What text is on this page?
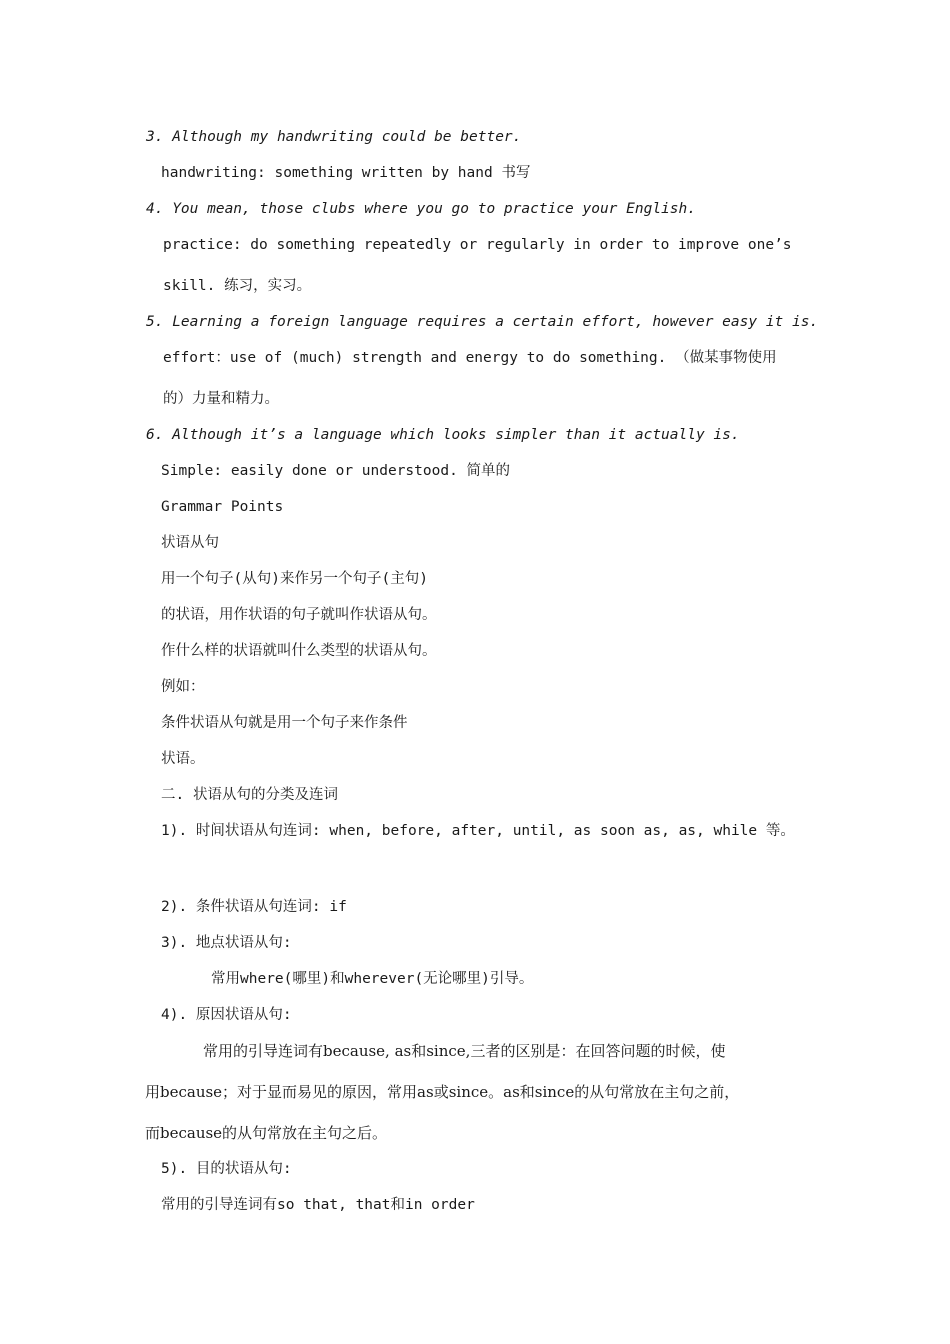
3. Although my handwriting could be better.
handwriting: something written by hand 书写
4. You mean, those clubs where you go to practice your English.
practice: do something repeatedly or regularly in order to improve one’s
skill. 练习，实习。
5. Learning a foreign language requires a certain effort, however easy it is.
effort：use of (much) strength and energy to do something. （做某事物使用
的）力量和精力。
6. Although it’s a language which looks simpler than it actually is.
Simple: easily done or understood. 简单的
Grammar Points
状语从句
用一个句子(从句)来作另一个句子(主句)
的状语，用作状语的句子就叫作状语从句。
作什么样的状语就叫什么类型的状语从句。
例如：
条件状语从句就是用一个句子来作条件
状语。
二. 状语从句的分类及连词
1). 时间状语从句连词: when, before, after, until, as soon as, as, while 等。
2). 条件状语从句连词: if
3). 地点状语从句:
常用where(哪里)和wherever(无论哪里)引导。
4). 原因状语从句:
常用的引导连词有because, as和since,三者的区别是：在回答问题的时候，使
用because；对于显而易见的原因，常用as或since。as和since的从句常放在主句之前，
而because的从句常放在主句之后。
5). 目的状语从句:
常用的引导连词有so that, that和in order
